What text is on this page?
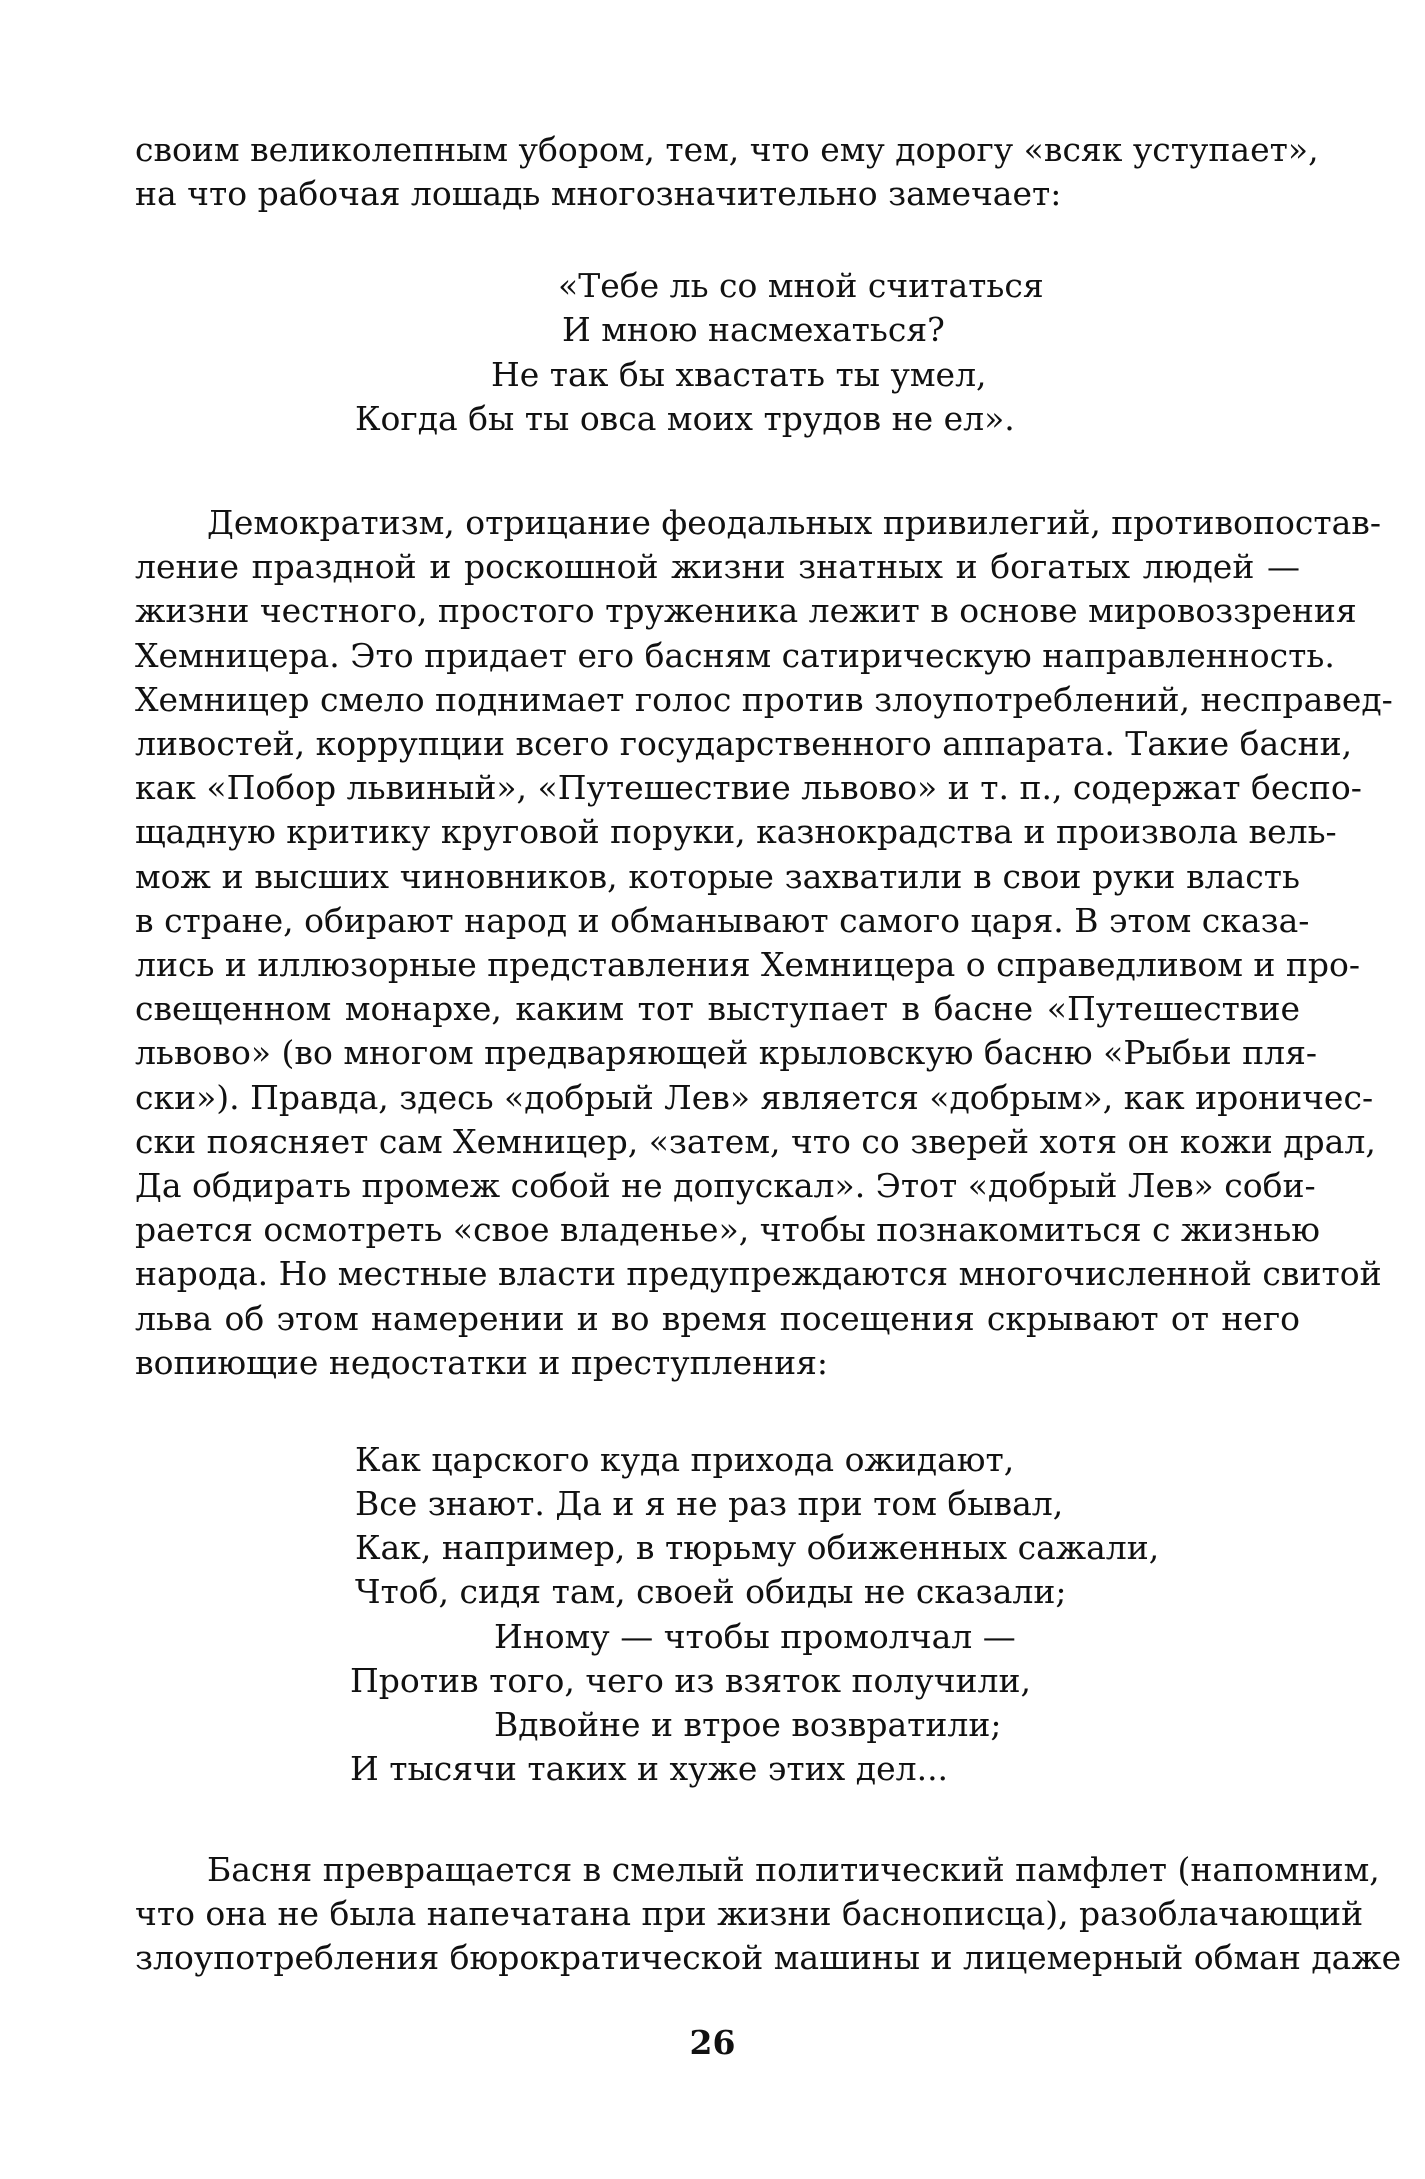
своим великолепным убором, тем, что ему дорогу «всяк уступает»,
на что рабочая лошадь многозначительно замечает:
«Тебе ль со мной считаться
И мною насмехаться?
Не так бы хвастать ты умел,
Когда бы ты овса моих трудов не ел».
Демократизм, отрицание феодальных привилегий, противопостав-
ление праздной и роскошной жизни знатных и богатых людей —
жизни честного, простого труженика лежит в основе мировоззрения
Хемницера. Это придает его басням сатирическую направленность.
Хемницер смело поднимает голос против злоупотреблений, несправед-
ливостей, коррупции всего государственного аппарата. Такие басни,
как «Побор львиный», «Путешествие львово» и т. п., содержат беспо-
щадную критику круговой поруки, казнокрадства и произвола вель-
мож и высших чиновников, которые захватили в свои руки власть
в стране, обирают народ и обманывают самого царя. В этом сказа-
лись и иллюзорные представления Хемницера о справедливом и про-
свещенном монархе, каким тот выступает в басне «Путешествие
львово» (во многом предваряющей крыловскую басню «Рыбьи пля-
ски»). Правда, здесь «добрый Лев» является «добрым», как ироничес-
ски поясняет сам Хемницер, «затем, что со зверей хотя он кожи драл,
Да обдирать промеж собой не допускал». Этот «добрый Лев» соби-
рается осмотреть «свое владенье», чтобы познакомиться с жизнью
народа. Но местные власти предупреждаются многочисленной свитой
льва об этом намерении и во время посещения скрывают от него
вопиющие недостатки и преступления:
Как царского куда прихода ожидают,
Все знают. Да и я не раз при том бывал,
Как, например, в тюрьму обиженных сажали,
Чтоб, сидя там, своей обиды не сказали;
Иному — чтобы промолчал —
Против того, чего из взяток получили,
Вдвойне и втрое возвратили;
И тысячи таких и хуже этих дел...
Басня превращается в смелый политический памфлет (напомним,
что она не была напечатана при жизни баснописца), разоблачающий
злоупотребления бюрократической машины и лицемерный обман даже
26
